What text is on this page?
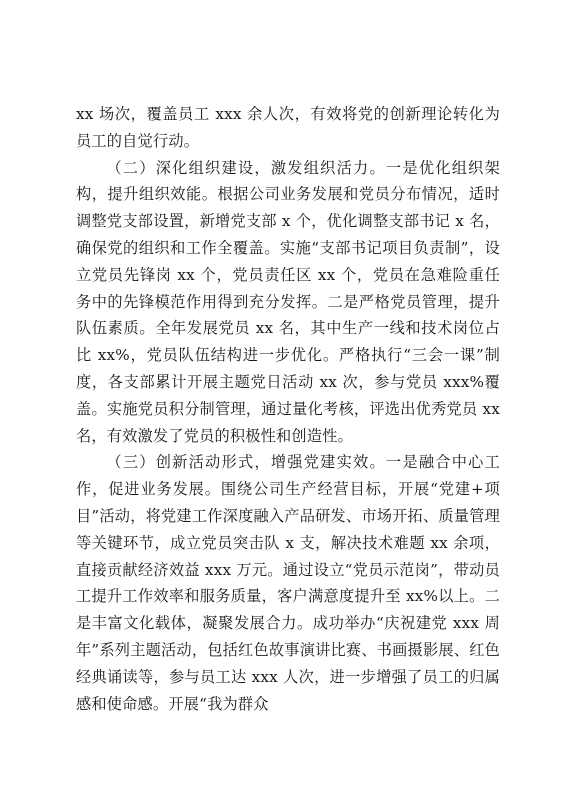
xx 场次，覆盖员工 xxx 余人次，有效将党的创新理论转化为员工的自觉行动。

（二）深化组织建设，激发组织活力。一是优化组织架构，提升组织效能。根据公司业务发展和党员分布情况，适时调整党支部设置，新增党支部 x 个，优化调整支部书记 x 名，确保党的组织和工作全覆盖。实施“支部书记项目负责制”，设立党员先锋岗 xx 个，党员责任区 xx 个，党员在急难险重任务中的先锋模范作用得到充分发挥。二是严格党员管理，提升队伍素质。全年发展党员 xx 名，其中生产一线和技术岗位占比 xx%，党员队伍结构进一步优化。严格执行“三会一课”制度，各支部累计开展主题党日活动 xx 次，参与党员 xxx%覆盖。实施党员积分制管理，通过量化考核，评选出优秀党员 xx 名，有效激发了党员的积极性和创造性。

（三）创新活动形式，增强党建实效。一是融合中心工作，促进业务发展。围绕公司生产经营目标，开展“党建+项目”活动，将党建工作深度融入产品研发、市场开拓、质量管理等关键环节，成立党员突击队 x 支，解决技术难题 xx 余项，直接贡献经济效益 xxx 万元。通过设立“党员示范岗”，带动员工提升工作效率和服务质量，客户满意度提升至 xx%以上。二是丰富文化载体，凝聚发展合力。成功举办“庆祝建党 xxx 周年”系列主题活动，包括红色故事演讲比赛、书画摄影展、红色经典诵读等，参与员工达 xxx 人次，进一步增强了员工的归属感和使命感。开展“我为群众
